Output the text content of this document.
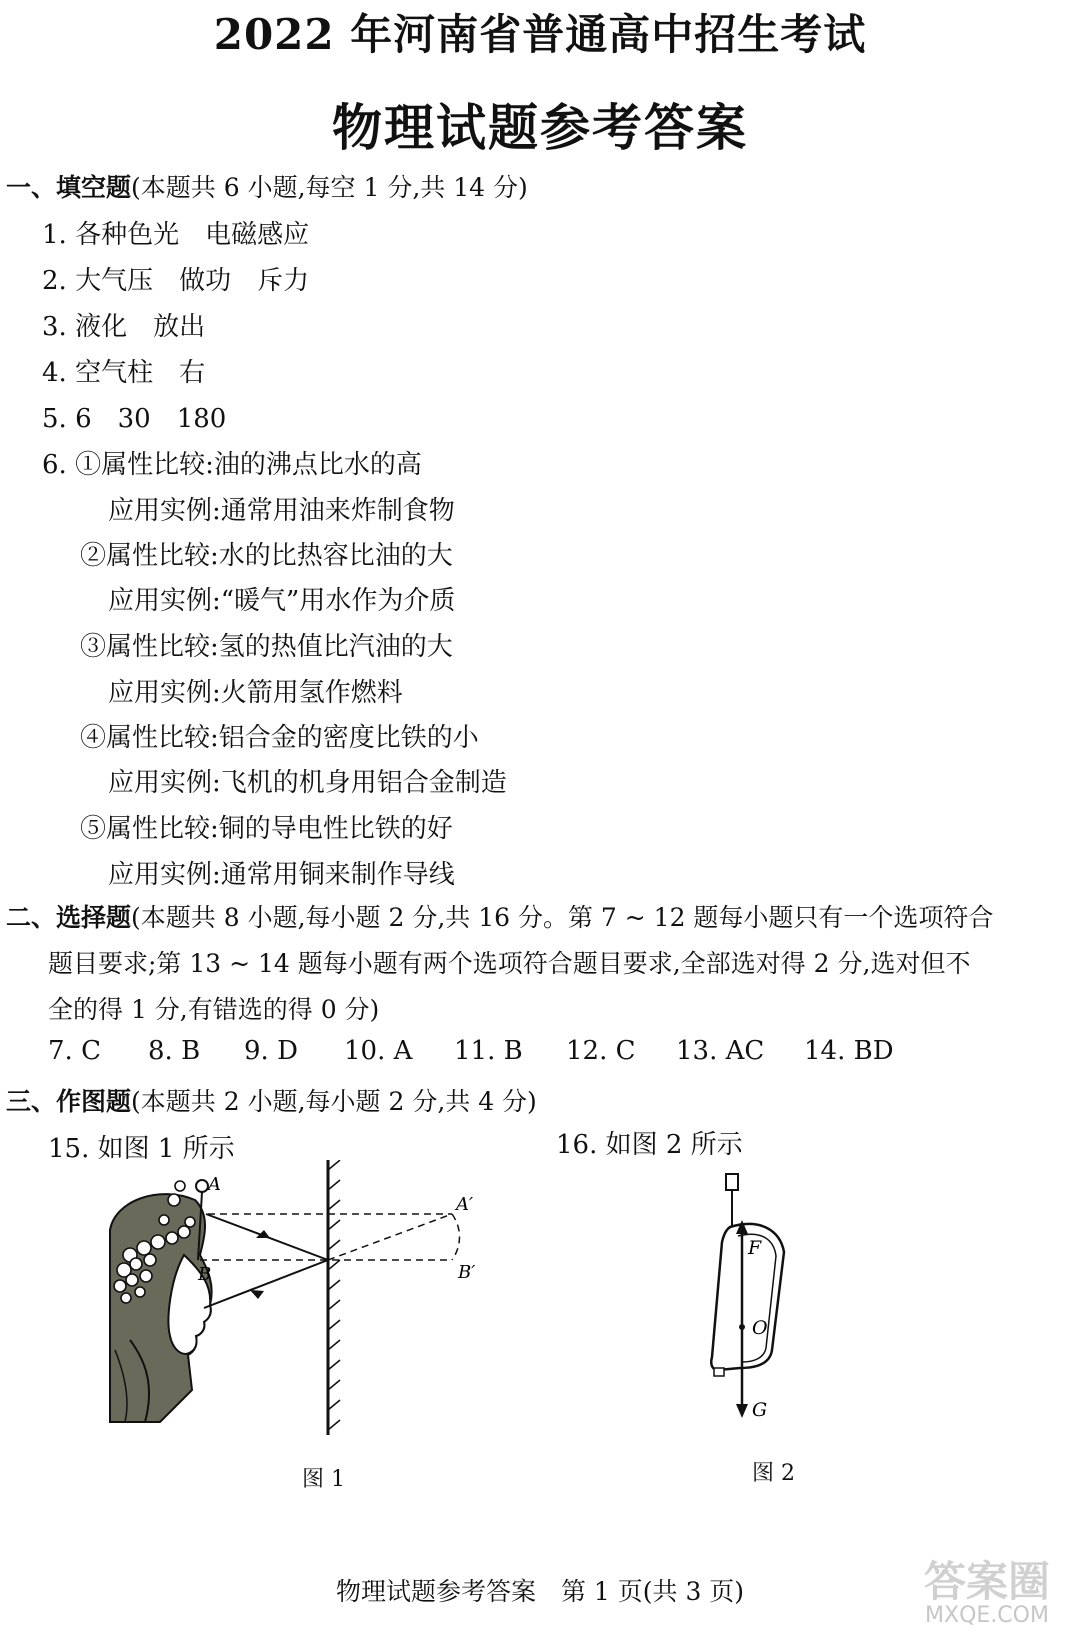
2022 年河南省普通高中招生考试
物理试题参考答案
一、填空题(本题共 6 小题,每空 1 分,共 14 分)
1. 各种色光　电磁感应
2. 大气压　做功　斥力
3. 液化　放出
4. 空气柱　右
5. 6　30　180
6. ①属性比较:油的沸点比水的高
应用实例:通常用油来炸制食物
②属性比较:水的比热容比油的大
应用实例:“暖气”用水作为介质
③属性比较:氢的热值比汽油的大
应用实例:火箭用氢作燃料
④属性比较:铝合金的密度比铁的小
应用实例:飞机的机身用铝合金制造
⑤属性比较:铜的导电性比铁的好
应用实例:通常用铜来制作导线
二、选择题(本题共 8 小题,每小题 2 分,共 16 分。第 7 ~ 12 题每小题只有一个选项符合
题目要求;第 13 ~ 14 题每小题有两个选项符合题目要求,全部选对得 2 分,选对但不
全的得 1 分,有错选的得 0 分)
7. C 8. B 9. D 10. A 11. B 12. C 13. AC 14. BD
三、作图题(本题共 2 小题,每小题 2 分,共 4 分)
15. 如图 1 所示	16. 如图 2 所示
A
B
A′
B′
图 1
F
O
G
图 2
物理试题参考答案　第 1 页(共 3 页)	答案圈
MXQE.COM
